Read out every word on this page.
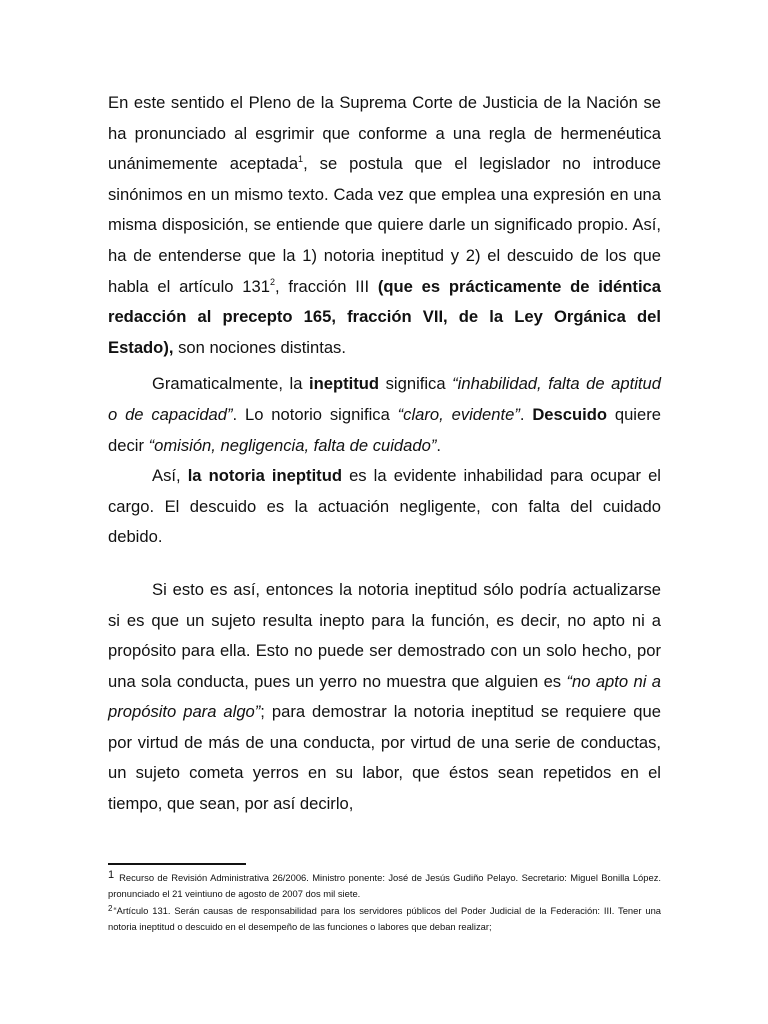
En este sentido el Pleno de la Suprema Corte de Justicia de la Nación se ha pronunciado al esgrimir que conforme a una regla de hermenéutica unánimemente aceptada$^1$, se postula que el legislador no introduce sinónimos en un mismo texto. Cada vez que emplea una expresión en una misma disposición, se entiende que quiere darle un significado propio. Así, ha de entenderse que la 1) notoria ineptitud y 2) el descuido de los que habla el artículo 131$^2$, fracción III (que es prácticamente de idéntica redacción al precepto 165, fracción VII, de la Ley Orgánica del Estado), son nociones distintas.

Gramaticalmente, la ineptitud significa “inhabilidad, falta de aptitud o de capacidad”. Lo notorio significa “claro, evidente”. Descuido quiere decir “omisión, negligencia, falta de cuidado”.

Así, la notoria ineptitud es la evidente inhabilidad para ocupar el cargo. El descuido es la actuación negligente, con falta del cuidado debido.

Si esto es así, entonces la notoria ineptitud sólo podría actualizarse si es que un sujeto resulta inepto para la función, es decir, no apto ni a propósito para ella. Esto no puede ser demostrado con un solo hecho, por una sola conducta, pues un yerro no muestra que alguien es “no apto ni a propósito para algo”; para demostrar la notoria ineptitud se requiere que por virtud de más de una conducta, por virtud de una serie de conductas, un sujeto cometa yerros en su labor, que éstos sean repetidos en el tiempo, que sean, por así decirlo,

1 Recurso de Revisión Administrativa 26/2006. Ministro ponente: José de Jesús Gudiño Pelayo. Secretario: Miguel Bonilla López. pronunciado el 21 veintiuno de agosto de 2007 dos mil siete.

2“Artículo 131. Serán causas de responsabilidad para los servidores públicos del Poder Judicial de la Federación: III. Tener una notoria ineptitud o descuido en el desempeño de las funciones o labores que deban realizar;
